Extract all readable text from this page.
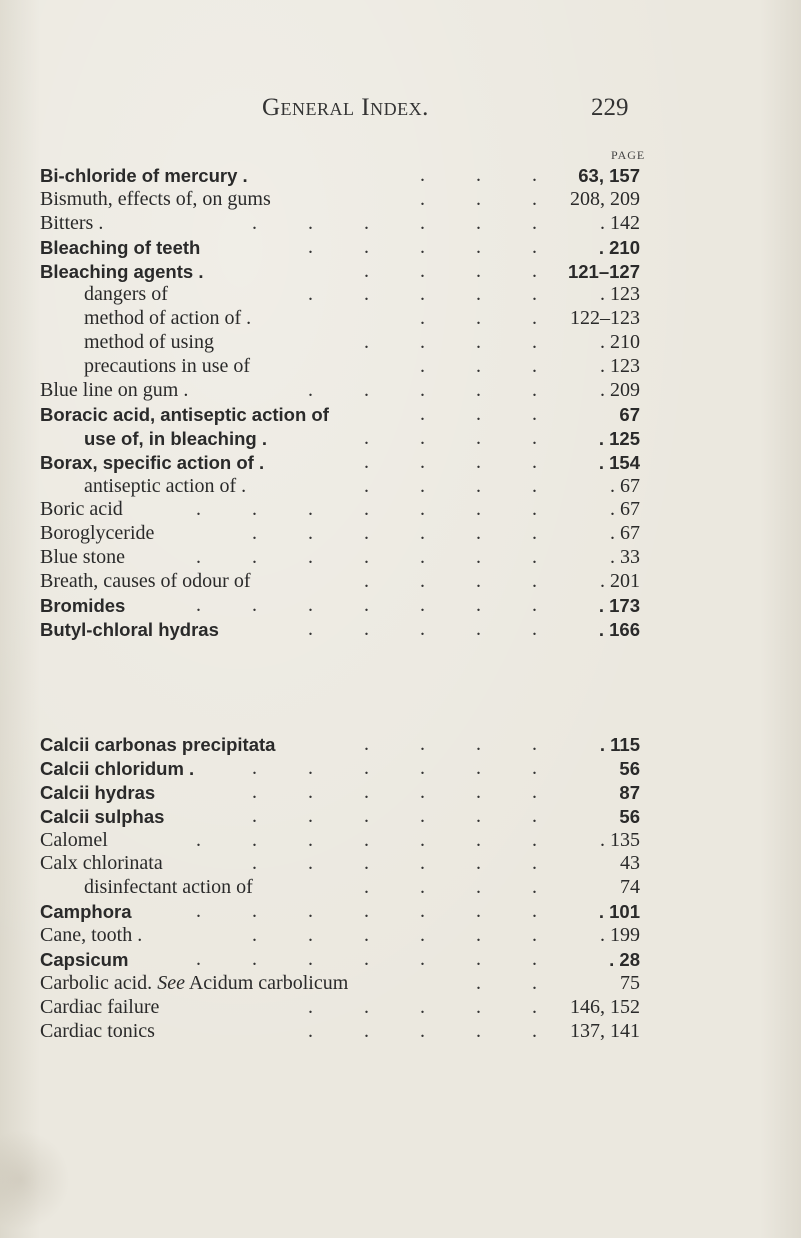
General Index.	229
PAGE
. . .
Bi-chloride of mercury .	63, 157
. . .
Bismuth, effects of, on gums	208, 209
. . . . . .
Bitters .	. 142
. . . . .
Bleaching of teeth	. 210
. . . .
Bleaching agents .	121–127
. . . . .
dangers of	. 123
. . .
method of action of .	122–123
. . . .
method of using	. 210
. . .
precautions in use of	. 123
. . . . .
Blue line on gum .	. 209
. . .
Boracic acid, antiseptic action of	67
. . . .
use of, in bleaching .	. 125
. . . .
Borax, specific action of .	. 154
. . . .
antiseptic action of .	. 67
. . . . . . .
Boric acid	. 67
. . . . . .
Boroglyceride	. 67
. . . . . . .
Blue stone	. 33
. . . .
Breath, causes of odour of	. 201
. . . . . . .
Bromides	. 173
. . . . .
Butyl-chloral hydras	. 166
. . . .
Calcii carbonas precipitata	. 115
. . . . . .
Calcii chloridum .	56
. . . . . .
Calcii hydras	87
. . . . . .
Calcii sulphas	56
. . . . . . .
Calomel	. 135
. . . . . .
Calx chlorinata	43
. . . .
disinfectant action of	74
. . . . . . .
Camphora	. 101
. . . . . .
Cane, tooth .	. 199
. . . . . . .
Capsicum	. 28
. .
Carbolic acid. See Acidum carbolicum	75
. . . . .
Cardiac failure	146, 152
. . . . .
Cardiac tonics	137, 141
